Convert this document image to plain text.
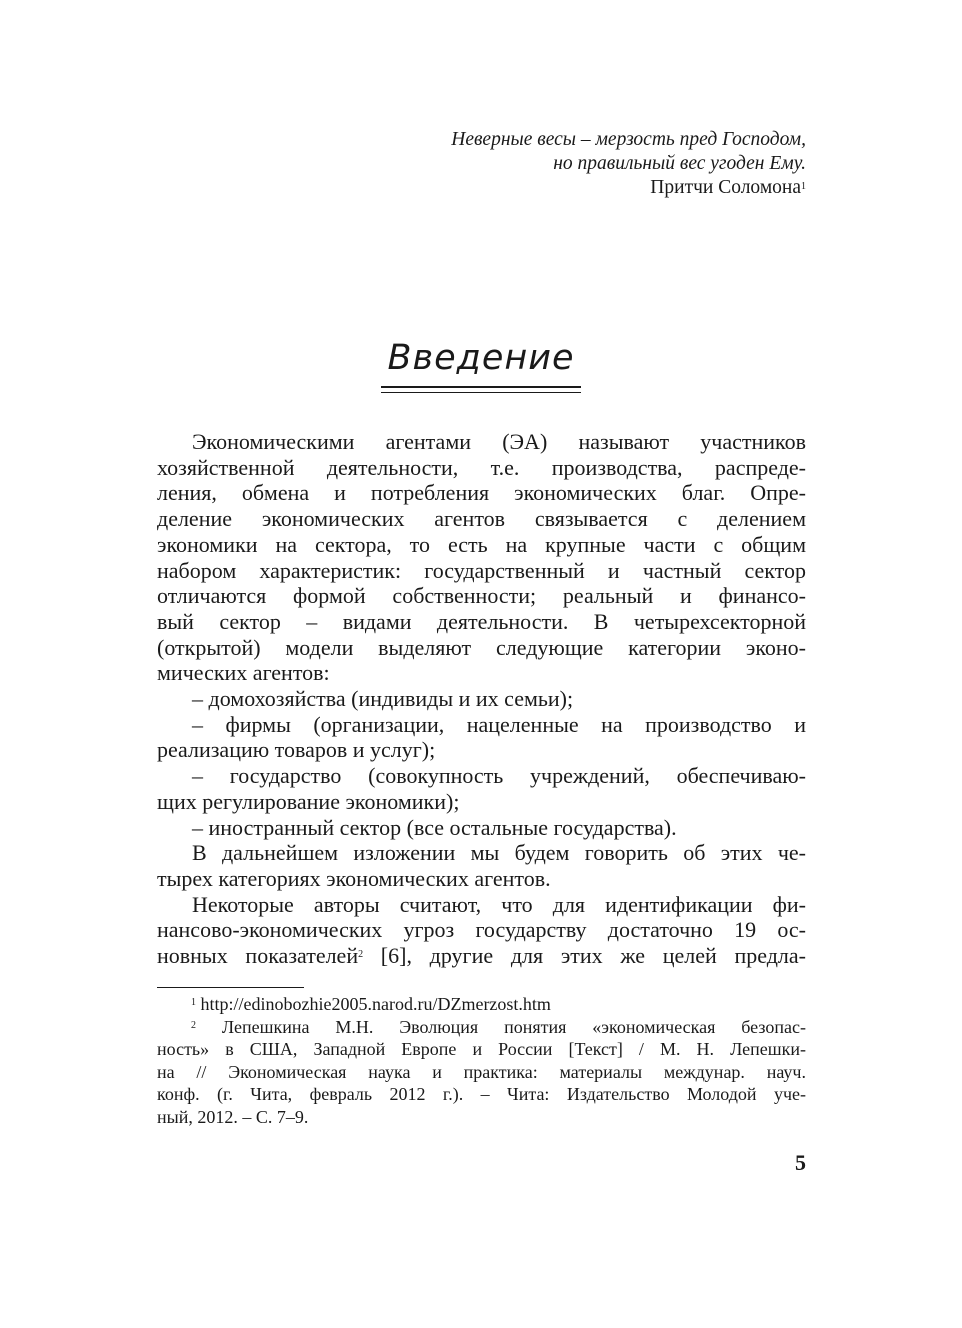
Неверные весы – мерзость пред Господом,
но правильный вес угоден Ему.
Притчи Соломона$^1$
Введение

Экономическими агентами (ЭА) называют участников

хозяйственной деятельности, т.е. производства, распреде-

ления, обмена и потребления экономических благ. Опре-

деление экономических агентов связывается с делением

экономики на сектора, то есть на крупные части с общим

набором характеристик: государственный и частный сектор

отличаются формой собственности; реальный и финансо-

вый сектор – видами деятельности. В четырехсекторной

(открытой) модели выделяют следующие категории эконо-

мических агентов:

– домохозяйства (индивиды и их семьи);

– фирмы (организации, нацеленные на производство и

реализацию товаров и услуг);

– государство (совокупность учреждений, обеспечиваю-

щих регулирование экономики);

– иностранный сектор (все остальные государства).

В дальнейшем изложении мы будем говорить об этих че-

тырех категориях экономических агентов.

Некоторые авторы считают, что для идентификации фи-

нансово-экономических угроз государству достаточно 19 ос-

новных показателей$^2$ [6], другие для этих же целей предла-

$^1$ http://edinobozhie2005.narod.ru/DZmerzost.htm

$^2$ Лепешкина М.Н. Эволюция понятия «экономическая безопас-

ность» в США, Западной Европе и России [Текст] / М. Н. Лепешки-

на // Экономическая наука и практика: материалы междунар. науч.

конф. (г. Чита, февраль 2012 г.). – Чита: Издательство Молодой уче-

ный, 2012. – С. 7–9.

5
